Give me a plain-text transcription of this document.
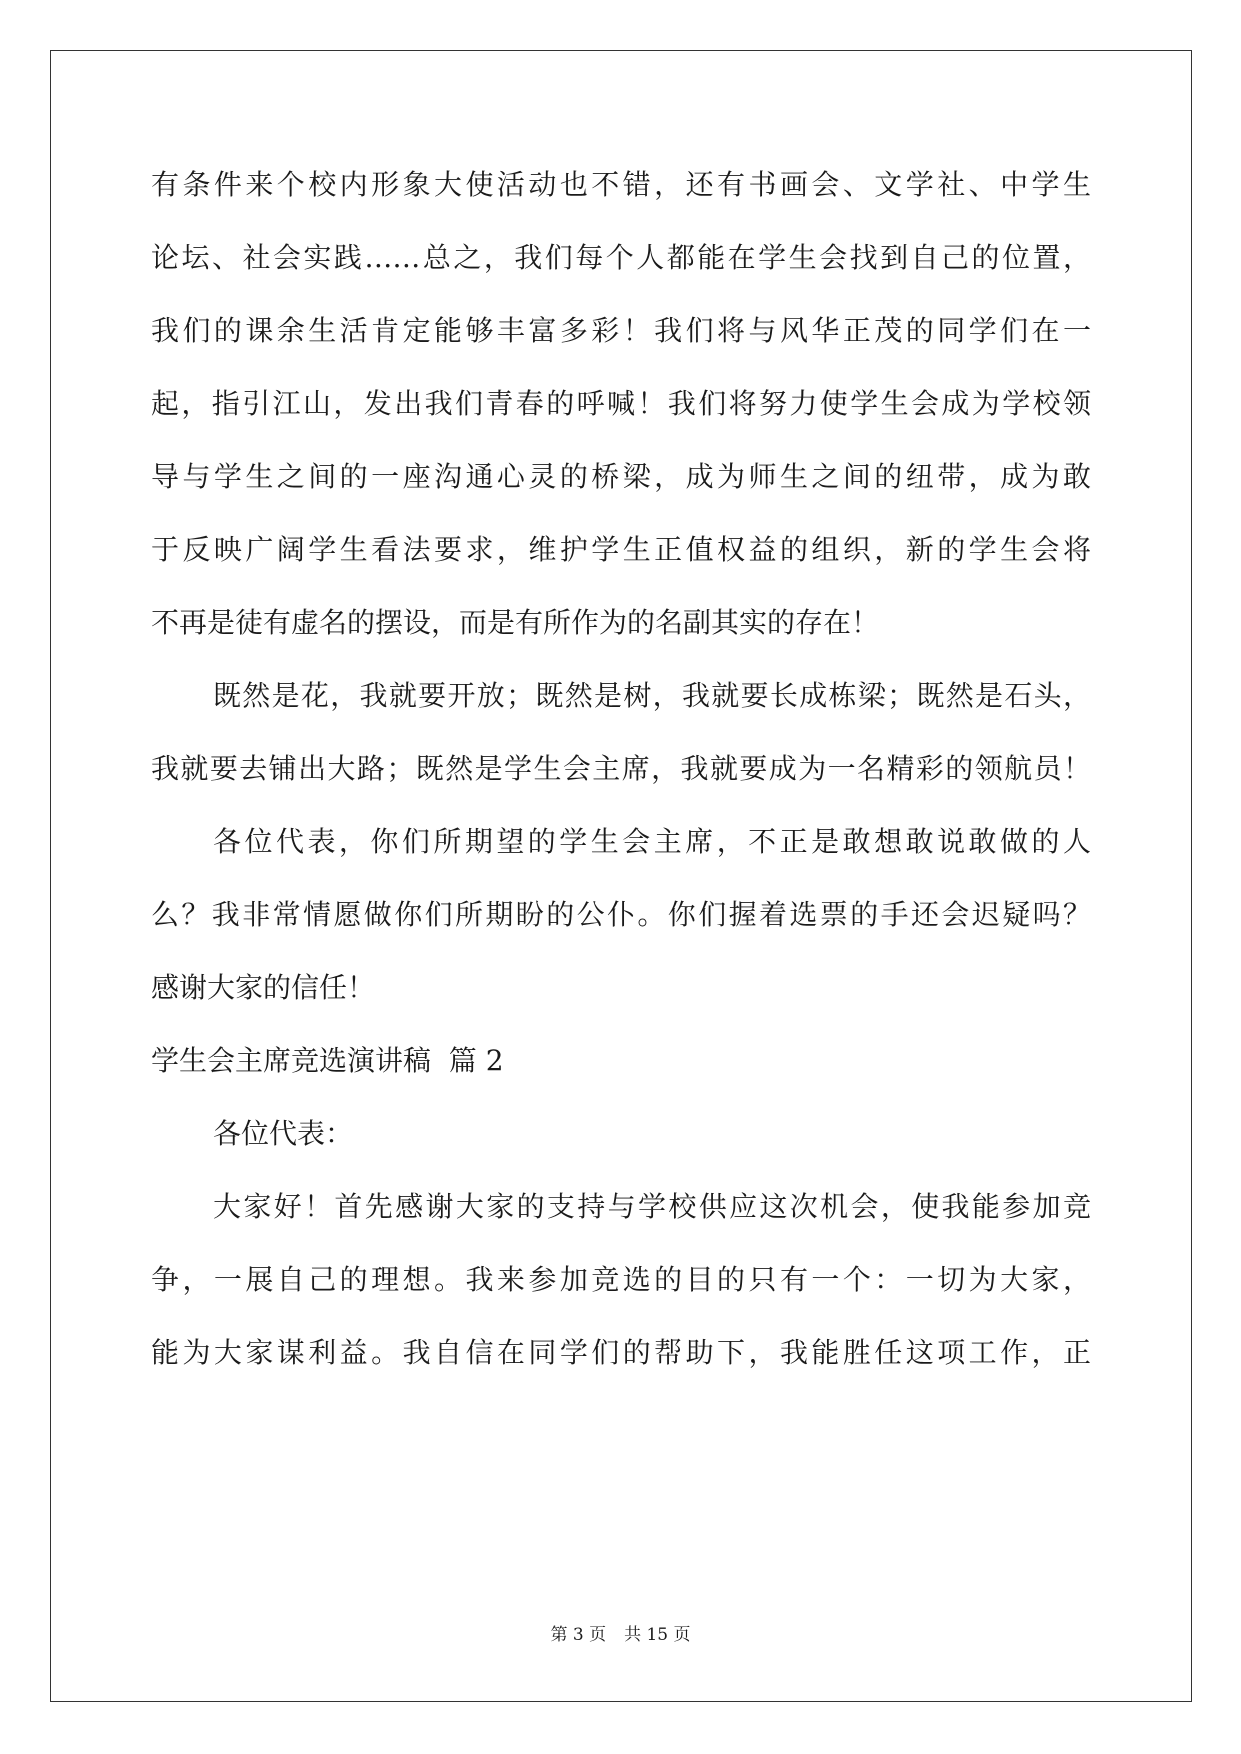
有条件来个校内形象大使活动也不错，还有书画会、文学社、中学生
论坛、社会实践……总之，我们每个人都能在学生会找到自己的位置，
我们的课余生活肯定能够丰富多彩！我们将与风华正茂的同学们在一
起，指引江山，发出我们青春的呼喊！我们将努力使学生会成为学校领
导与学生之间的一座沟通心灵的桥梁，成为师生之间的纽带，成为敢
于反映广阔学生看法要求，维护学生正值权益的组织，新的学生会将
不再是徒有虚名的摆设，而是有所作为的名副其实的存在！
既然是花，我就要开放；既然是树，我就要长成栋梁；既然是石头，
我就要去铺出大路；既然是学生会主席，我就要成为一名精彩的领航员！
各位代表，你们所期望的学生会主席，不正是敢想敢说敢做的人
么？我非常情愿做你们所期盼的公仆。你们握着选票的手还会迟疑吗？
感谢大家的信任！
学生会主席竞选演讲稿  篇 2
各位代表：
大家好！首先感谢大家的支持与学校供应这次机会，使我能参加竞
争，一展自己的理想。我来参加竞选的目的只有一个：一切为大家，
能为大家谋利益。我自信在同学们的帮助下，我能胜任这项工作，正
第 3 页 共 15 页
